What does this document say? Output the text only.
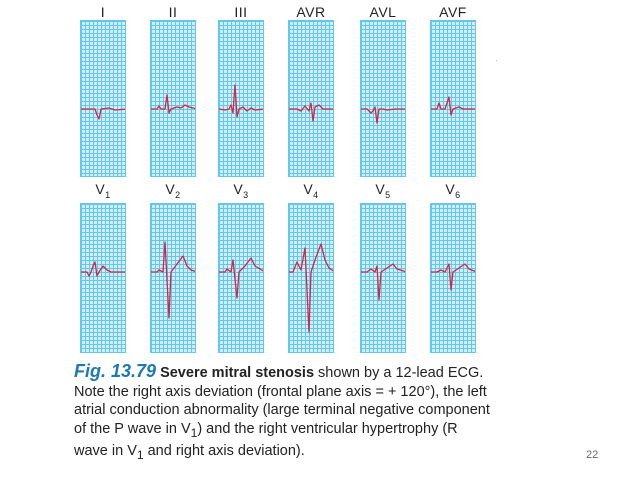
I	II	III	AVR	AVL	AVF
$V_1$	$V_2$	$V_3$	$V_4$	$V_5$	$V_6$
Fig. 13.79 Severe mitral stenosis shown by a 12-lead ECG. Note the right axis deviation (frontal plane axis = + 120°), the left atrial conduction abnormality (large terminal negative component of the P wave in $V_1$) and the right ventricular hypertrophy (R wave in $V_1$ and right axis deviation).	22
